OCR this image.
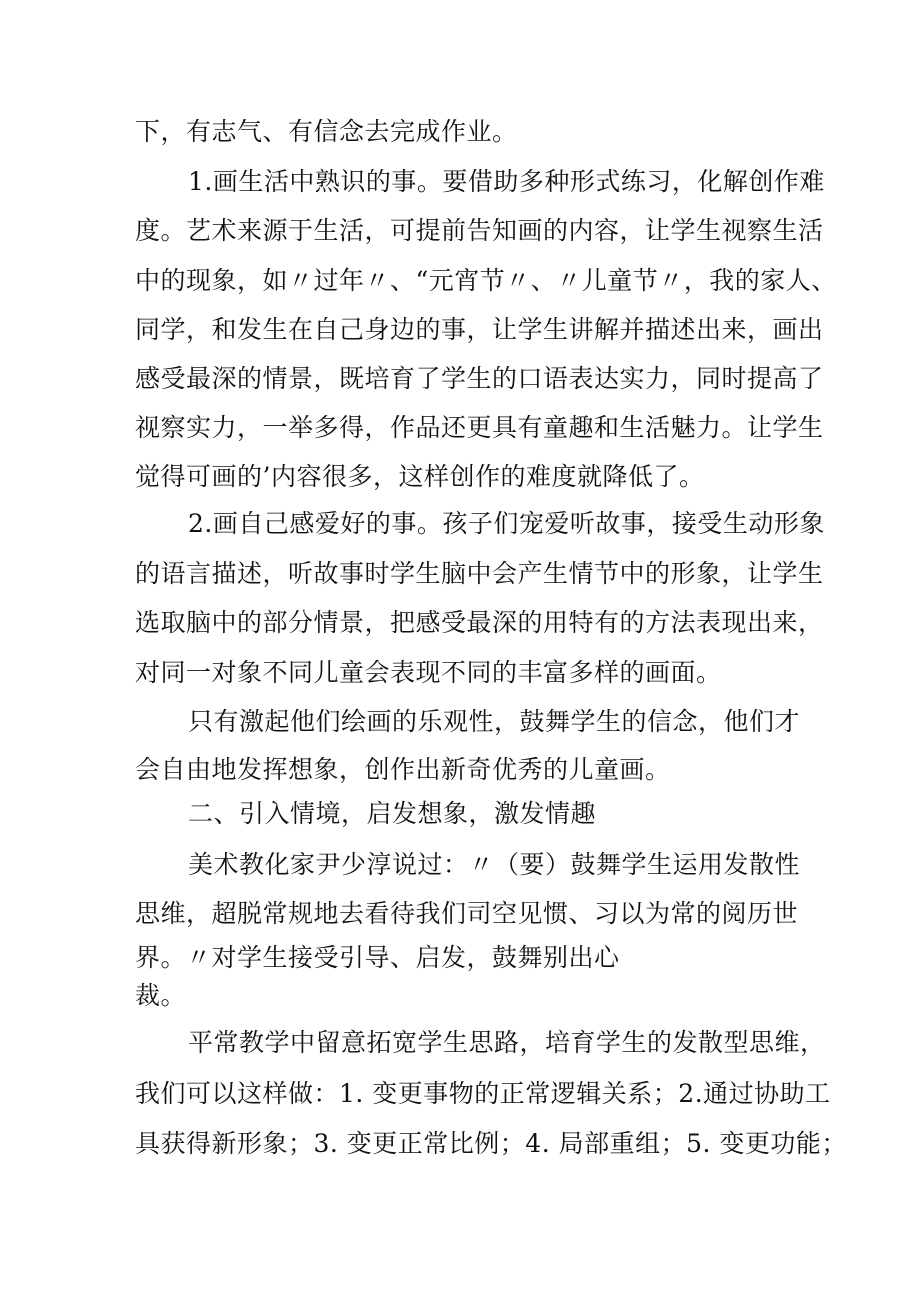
下，有志气、有信念去完成作业。
1.画生活中熟识的事。要借助多种形式练习，化解创作难
度。艺术来源于生活，可提前告知画的内容，让学生视察生活
中的现象，如〃过年〃、“元宵节〃、〃儿童节〃，我的家人、
同学，和发生在自己身边的事，让学生讲解并描述出来，画出
感受最深的情景，既培育了学生的口语表达实力，同时提高了
视察实力，一举多得，作品还更具有童趣和生活魅力。让学生
觉得可画的’内容很多，这样创作的难度就降低了。
2.画自己感爱好的事。孩子们宠爱听故事，接受生动形象
的语言描述，听故事时学生脑中会产生情节中的形象，让学生
选取脑中的部分情景，把感受最深的用特有的方法表现出来，
对同一对象不同儿童会表现不同的丰富多样的画面。
只有激起他们绘画的乐观性，鼓舞学生的信念，他们才
会自由地发挥想象，创作出新奇优秀的儿童画。
二、引入情境，启发想象，激发情趣
美术教化家尹少淳说过：〃（要）鼓舞学生运用发散性
思维，超脱常规地去看待我们司空见惯、习以为常的阅历世
界。〃对学生接受引导、启发，鼓舞别出心
裁。
平常教学中留意拓宽学生思路，培育学生的发散型思维，
我们可以这样做：1. 变更事物的正常逻辑关系；2.通过协助工
具获得新形象；3. 变更正常比例；4. 局部重组；5. 变更功能；
